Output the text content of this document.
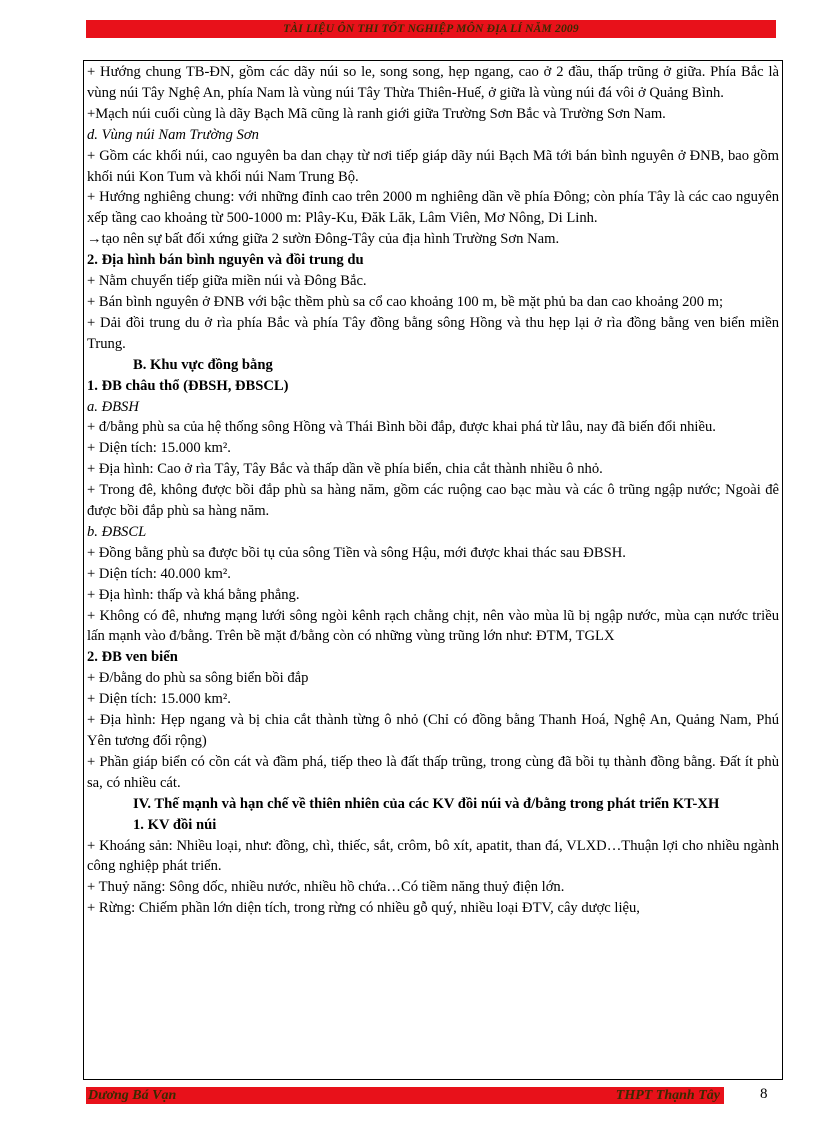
TÀI LIỆU ÔN THI TỐT NGHIỆP MÔN ĐỊA LÍ NĂM 2009

+ Hướng chung TB-ĐN, gồm các dãy núi so le, song song, hẹp ngang, cao ở 2 đầu, thấp trũng ở giữa. Phía Bắc là vùng núi Tây Nghệ An, phía Nam là vùng núi Tây Thừa Thiên-Huế, ở giữa là vùng núi đá vôi ở Quảng Bình.

+Mạch núi cuối cùng là dãy Bạch Mã cũng là ranh giới giữa Trường Sơn Bắc và Trường Sơn Nam.

d. Vùng núi Nam Trường Sơn

+ Gồm các khối núi, cao nguyên ba dan chạy từ nơi tiếp giáp dãy núi Bạch Mã tới bán bình nguyên ở ĐNB, bao gồm khối núi Kon Tum và khối núi Nam Trung Bộ.

+ Hướng nghiêng chung: với những đỉnh cao trên 2000 m nghiêng dần về phía Đông; còn phía Tây là các cao nguyên xếp tầng cao khoảng từ 500-1000 m: Plây-Ku, Đăk Lăk, Lâm Viên, Mơ Nông, Di Linh.

→tạo nên sự bất đối xứng giữa 2 sườn Đông-Tây của địa hình Trường Sơn Nam.

2. Địa hình bán bình nguyên và đồi trung du

+ Nằm chuyển tiếp giữa miền núi và Đông Bắc.

+ Bán bình nguyên ở ĐNB với bậc thềm phù sa cổ cao khoảng 100 m, bề mặt phủ ba dan cao khoảng 200 m;

+ Dải đồi trung du ở rìa phía Bắc và phía Tây đồng bằng sông Hồng và thu hẹp lại ở rìa đồng bằng ven biển miền Trung.

B. Khu vực đồng bằng

1. ĐB châu thổ (ĐBSH, ĐBSCL)

a. ĐBSH

+ đ/bằng phù sa của hệ thống sông Hồng và Thái Bình bồi đắp, được khai phá từ lâu, nay đã biến đổi nhiều.

+ Diện tích: 15.000 km².

+ Địa hình: Cao ở rìa Tây, Tây Bắc và thấp dần về phía biển, chia cắt thành nhiều ô nhỏ.

+ Trong đê, không được bồi đắp phù sa hàng năm, gồm các ruộng cao bạc màu và các ô trũng ngập nước; Ngoài đê được bồi đắp phù sa hàng năm.

b. ĐBSCL

+ Đồng bằng phù sa được bồi tụ của sông Tiền và sông Hậu, mới được khai thác sau ĐBSH.

+ Diện tích: 40.000 km².

+ Địa hình: thấp và khá bằng phẳng.

+ Không có đê, nhưng mạng lưới sông ngòi kênh rạch chằng chịt, nên vào mùa lũ bị ngập nước, mùa cạn nước triều lấn mạnh vào đ/bằng. Trên bề mặt đ/bằng còn có những vùng trũng lớn như: ĐTM, TGLX

2. ĐB ven biển

+ Đ/bằng do phù sa sông biển bồi đắp

+ Diện tích: 15.000 km².

+ Địa hình: Hẹp ngang và bị chia cắt thành từng ô nhỏ (Chỉ có đồng bằng Thanh Hoá, Nghệ An, Quảng Nam, Phú Yên tương đối rộng)

+ Phần giáp biển có cồn cát và đầm phá, tiếp theo là đất thấp trũng, trong cùng đã bồi tụ thành đồng bằng. Đất ít phù sa, có nhiều cát.

IV. Thế mạnh và hạn chế về thiên nhiên của các KV đồi núi và đ/bằng trong phát triển KT-XH

1. KV đồi núi

+ Khoáng sản: Nhiều loại, như: đồng, chì, thiếc, sắt, crôm, bô xít, apatit, than đá, VLXD…Thuận lợi cho nhiều ngành công nghiệp phát triển.

+ Thuỷ năng: Sông dốc, nhiều nước, nhiều hồ chứa…Có tiềm năng thuỷ điện lớn.

+ Rừng: Chiếm phần lớn diện tích, trong rừng có nhiều gỗ quý, nhiều loại ĐTV, cây dược liệu,

Dương Bá Vạn	THPT Thạnh Tây	8
